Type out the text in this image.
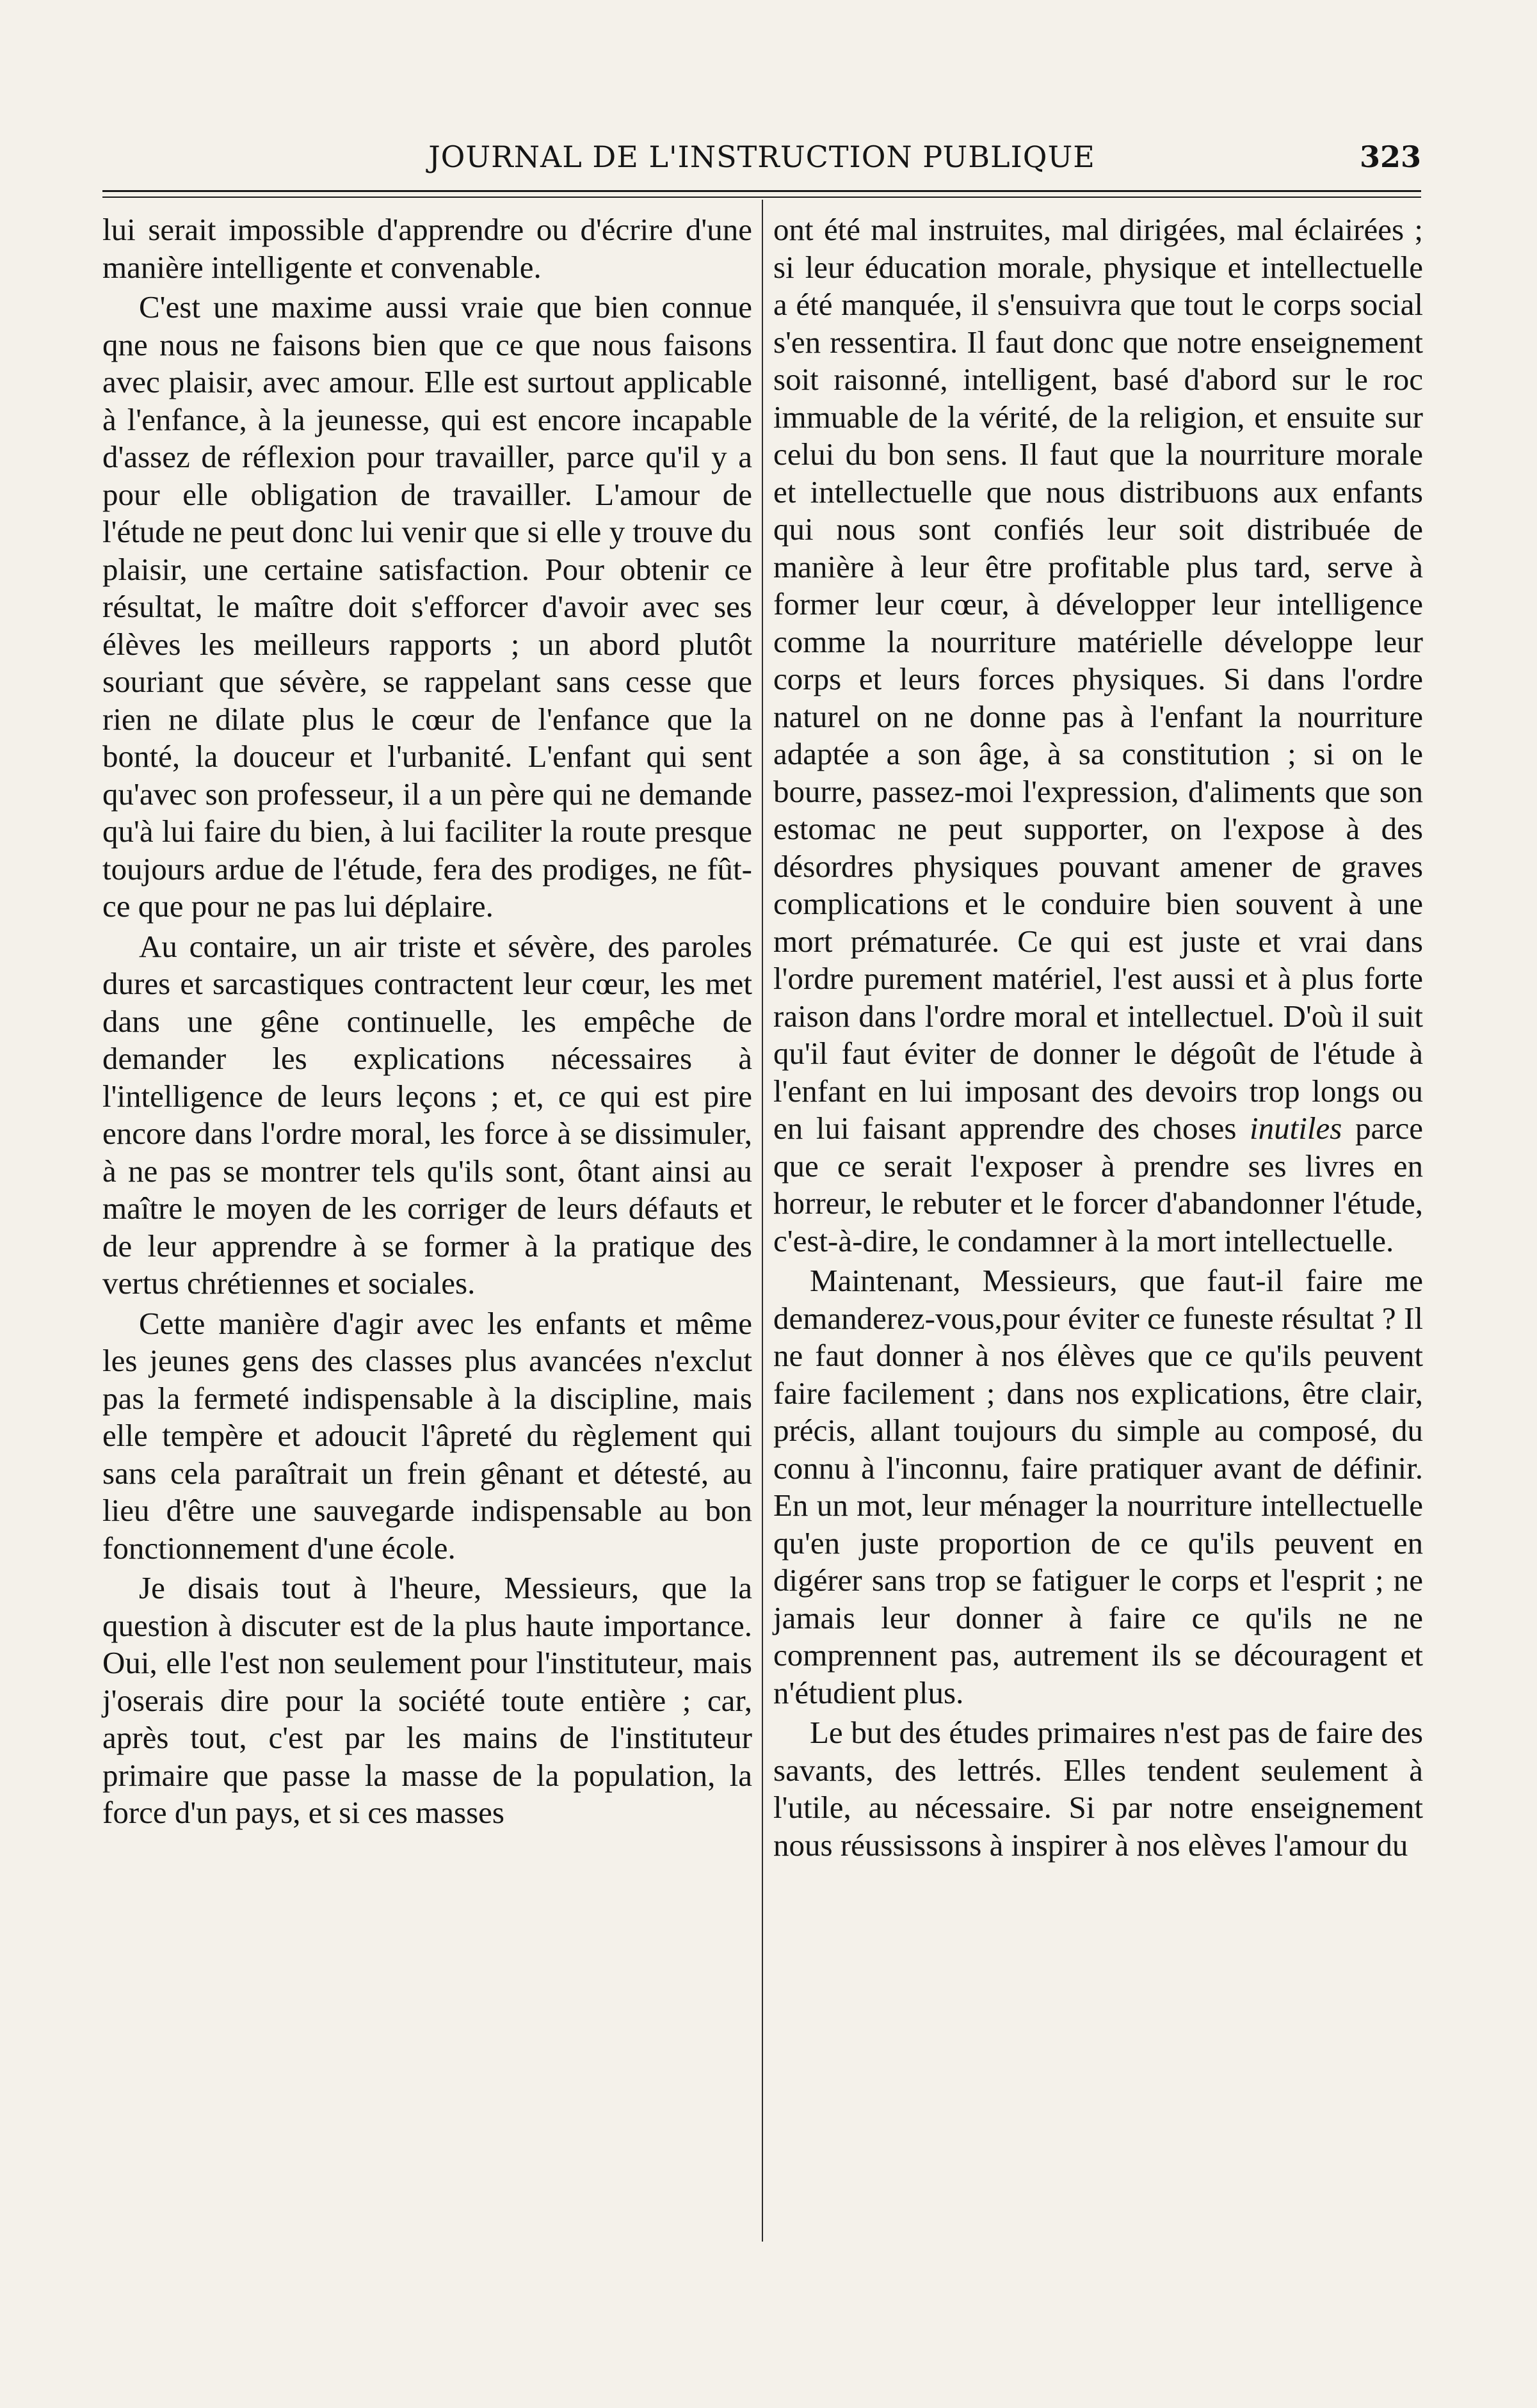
JOURNAL DE L'INSTRUCTION PUBLIQUE	323

lui serait impossible d'apprendre ou d'écrire d'une manière intelligente et convenable.

C'est une maxime aussi vraie que bien connue qne nous ne faisons bien que ce que nous faisons avec plaisir, avec amour. Elle est surtout applicable à l'enfance, à la jeunesse, qui est encore incapable d'assez de réflexion pour travailler, parce qu'il y a pour elle obligation de travailler. L'amour de l'étude ne peut donc lui venir que si elle y trouve du plaisir, une certaine satisfaction. Pour obtenir ce résultat, le maître doit s'efforcer d'avoir avec ses élèves les meilleurs rapports ; un abord plutôt souriant que sévère, se rappelant sans cesse que rien ne dilate plus le cœur de l'enfance que la bonté, la douceur et l'urbanité. L'enfant qui sent qu'avec son professeur, il a un père qui ne demande qu'à lui faire du bien, à lui faciliter la route presque toujours ardue de l'étude, fera des prodiges, ne fût-ce que pour ne pas lui déplaire.

Au contaire, un air triste et sévère, des paroles dures et sarcastiques contractent leur cœur, les met dans une gêne continuelle, les empêche de demander les explications nécessaires à l'intelligence de leurs leçons ; et, ce qui est pire encore dans l'ordre moral, les force à se dissimuler, à ne pas se montrer tels qu'ils sont, ôtant ainsi au maître le moyen de les corriger de leurs défauts et de leur apprendre à se former à la pratique des vertus chrétiennes et sociales.

Cette manière d'agir avec les enfants et même les jeunes gens des classes plus avancées n'exclut pas la fermeté indispensable à la discipline, mais elle tempère et adoucit l'âpreté du règlement qui sans cela paraîtrait un frein gênant et détesté, au lieu d'être une sauvegarde indispensable au bon fonctionnement d'une école.

Je disais tout à l'heure, Messieurs, que la question à discuter est de la plus haute importance. Oui, elle l'est non seulement pour l'instituteur, mais j'oserais dire pour la société toute entière ; car, après tout, c'est par les mains de l'instituteur primaire que passe la masse de la population, la force d'un pays, et si ces masses

ont été mal instruites, mal dirigées, mal éclairées ; si leur éducation morale, physique et intellectuelle a été manquée, il s'ensuivra que tout le corps social s'en ressentira. Il faut donc que notre enseignement soit raisonné, intelligent, basé d'abord sur le roc immuable de la vérité, de la religion, et ensuite sur celui du bon sens. Il faut que la nourriture morale et intellectuelle que nous distribuons aux enfants qui nous sont confiés leur soit distribuée de manière à leur être profitable plus tard, serve à former leur cœur, à développer leur intelligence comme la nourriture matérielle développe leur corps et leurs forces physiques. Si dans l'ordre naturel on ne donne pas à l'enfant la nourriture adaptée a son âge, à sa constitution ; si on le bourre, passez-moi l'expression, d'aliments que son estomac ne peut supporter, on l'expose à des désordres physiques pouvant amener de graves complications et le conduire bien souvent à une mort prématurée. Ce qui est juste et vrai dans l'ordre purement matériel, l'est aussi et à plus forte raison dans l'ordre moral et intellectuel. D'où il suit qu'il faut éviter de donner le dégoût de l'étude à l'enfant en lui imposant des devoirs trop longs ou en lui faisant apprendre des choses inutiles parce que ce serait l'exposer à prendre ses livres en horreur, le rebuter et le forcer d'abandonner l'étude, c'est-à-dire, le condamner à la mort intellectuelle.

Maintenant, Messieurs, que faut-il faire me demanderez-vous,pour éviter ce funeste résultat ? Il ne faut donner à nos élèves que ce qu'ils peuvent faire facilement ; dans nos explications, être clair, précis, allant toujours du simple au composé, du connu à l'inconnu, faire pratiquer avant de définir. En un mot, leur ménager la nourriture intellectuelle qu'en juste proportion de ce qu'ils peuvent en digérer sans trop se fatiguer le corps et l'esprit ; ne jamais leur donner à faire ce qu'ils ne ne comprennent pas, autrement ils se découragent et n'étudient plus.

Le but des études primaires n'est pas de faire des savants, des lettrés. Elles tendent seulement à l'utile, au nécessaire. Si par notre enseignement nous réussissons à inspirer à nos elèves l'amour du
